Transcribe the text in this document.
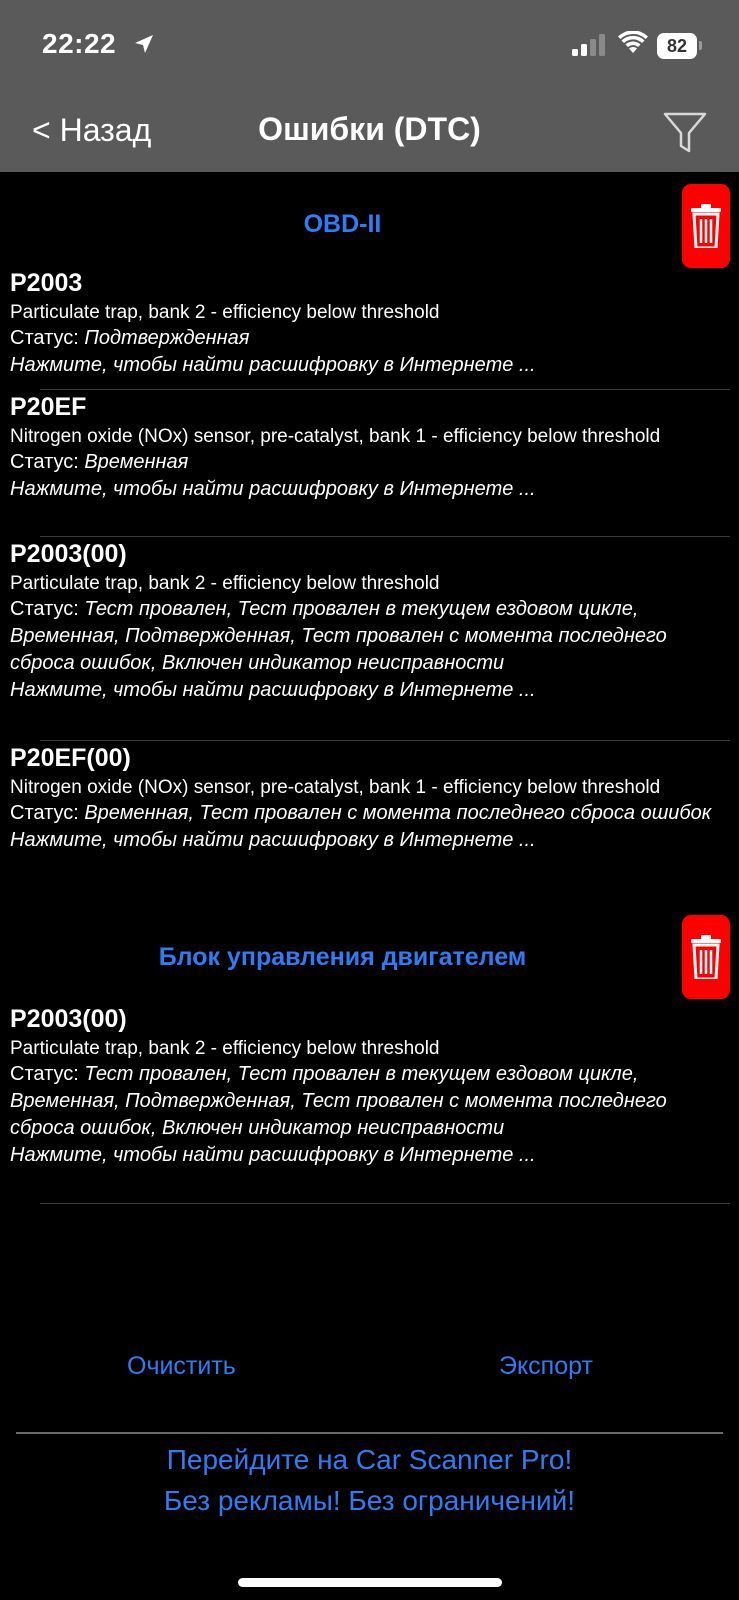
22:22	82
< Назад	Ошибки (DTC)
OBD-II
P2003
Particulate trap, bank 2 - efficiency below threshold
Статус: Подтвержденная
Нажмите, чтобы найти расшифровку в Интернете ...
P20EF
Nitrogen oxide (NOx) sensor, pre-catalyst, bank 1 - efficiency below threshold
Статус: Временная
Нажмите, чтобы найти расшифровку в Интернете ...
P2003(00)
Particulate trap, bank 2 - efficiency below threshold
Статус: Тест провален, Тест провален в текущем ездовом цикле, Временная, Подтвержденная, Тест провален с момента последнего сброса ошибок, Включен индикатор неисправности
Нажмите, чтобы найти расшифровку в Интернете ...
P20EF(00)
Nitrogen oxide (NOx) sensor, pre-catalyst, bank 1 - efficiency below threshold
Статус: Временная, Тест провален с момента последнего сброса ошибок
Нажмите, чтобы найти расшифровку в Интернете ...
Блок управления двигателем
P2003(00)
Particulate trap, bank 2 - efficiency below threshold
Статус: Тест провален, Тест провален в текущем ездовом цикле, Временная, Подтвержденная, Тест провален с момента последнего сброса ошибок, Включен индикатор неисправности
Нажмите, чтобы найти расшифровку в Интернете ...
Очистить	Экспорт
Перейдите на Car Scanner Pro!
Без рекламы! Без ограничений!
